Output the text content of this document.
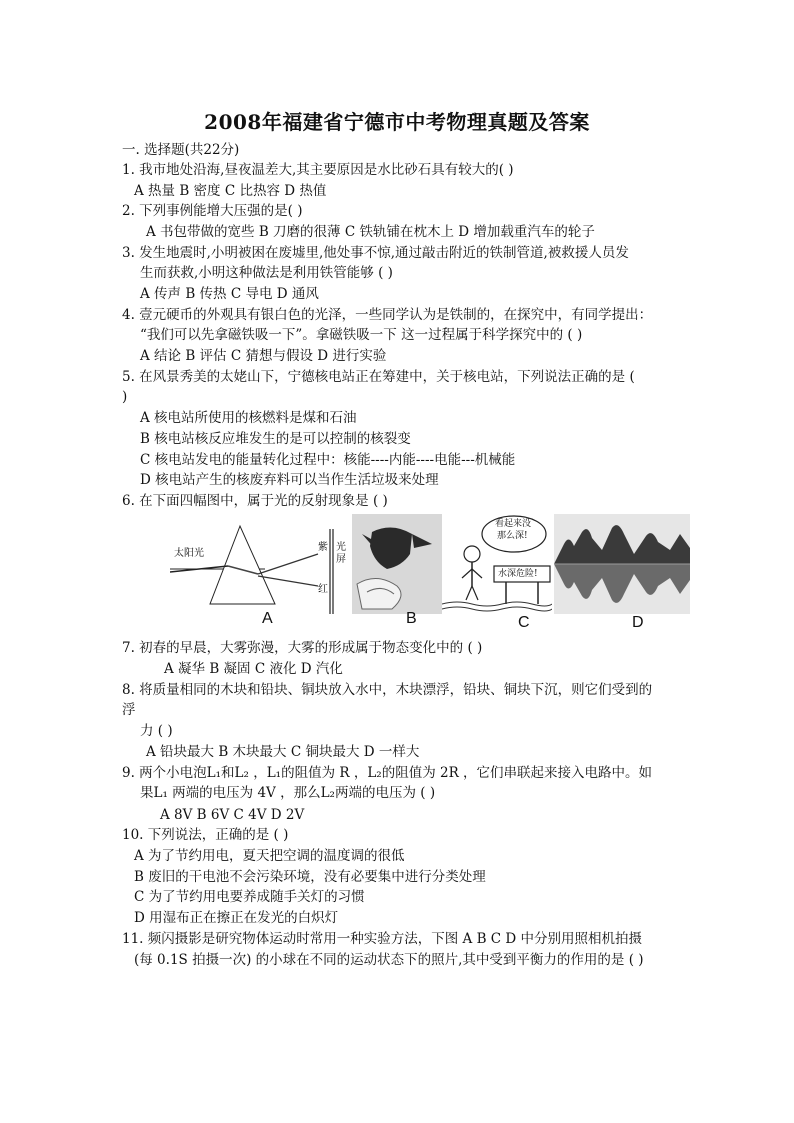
2008年福建省宁德市中考物理真题及答案
一. 选择题(共22分)
1. 我市地处沿海,昼夜温差大,其主要原因是水比砂石具有较大的( )
A 热量 B 密度 C 比热容 D 热值
2. 下列事例能增大压强的是( )
A 书包带做的宽些 B 刀磨的很薄 C 铁轨铺在枕木上 D 增加载重汽车的轮子
3. 发生地震时,小明被困在废墟里,他处事不惊,通过敲击附近的铁制管道,被救援人员发
生而获救,小明这种做法是利用铁管能够 ( )
A 传声 B 传热 C 导电 D 通风
4. 壹元硬币的外观具有银白色的光泽，一些同学认为是铁制的，在探究中，有同学提出：
“我们可以先拿磁铁吸一下”。拿磁铁吸一下 这一过程属于科学探究中的 ( )
A 结论 B 评估 C 猜想与假设 D 进行实验
5. 在风景秀美的太姥山下，宁德核电站正在筹建中，关于核电站，下列说法正确的是 (
)
A 核电站所使用的核燃料是煤和石油
B 核电站核反应堆发生的是可以控制的核裂变
C 核电站发电的能量转化过程中：核能----内能----电能---机械能
D 核电站产生的核废弃料可以当作生活垃圾来处理
6. 在下面四幅图中，属于光的反射现象是 ( )
太阳光
紫
红
光屏
A	B
看起来没
那么深!
水深危险!
C	D
7. 初春的早晨，大雾弥漫，大雾的形成属于物态变化中的 ( )
A 凝华 B 凝固 C 液化 D 汽化
8. 将质量相同的木块和铅块、铜块放入水中，木块漂浮，铅块、铜块下沉，则它们受到的
浮
力 ( )
A 铅块最大 B 木块最大 C 铜块最大 D 一样大
9. 两个小电泡L₁和L₂ ，L₁的阻值为 R ，L₂的阻值为 2R ，它们串联起来接入电路中。如
果L₁ 两端的电压为 4V ，那么L₂两端的电压为 ( )
A 8V B 6V C 4V D 2V
10. 下列说法，正确的是 ( )
A 为了节约用电，夏天把空调的温度调的很低
B 废旧的干电池不会污染环境，没有必要集中进行分类处理
C 为了节约用电要养成随手关灯的习惯
D 用湿布正在擦正在发光的白炽灯
11. 频闪摄影是研究物体运动时常用一种实验方法，下图 A B C D 中分别用照相机拍摄
(每 0.1S 拍摄一次) 的小球在不同的运动状态下的照片,其中受到平衡力的作用的是 ( )
